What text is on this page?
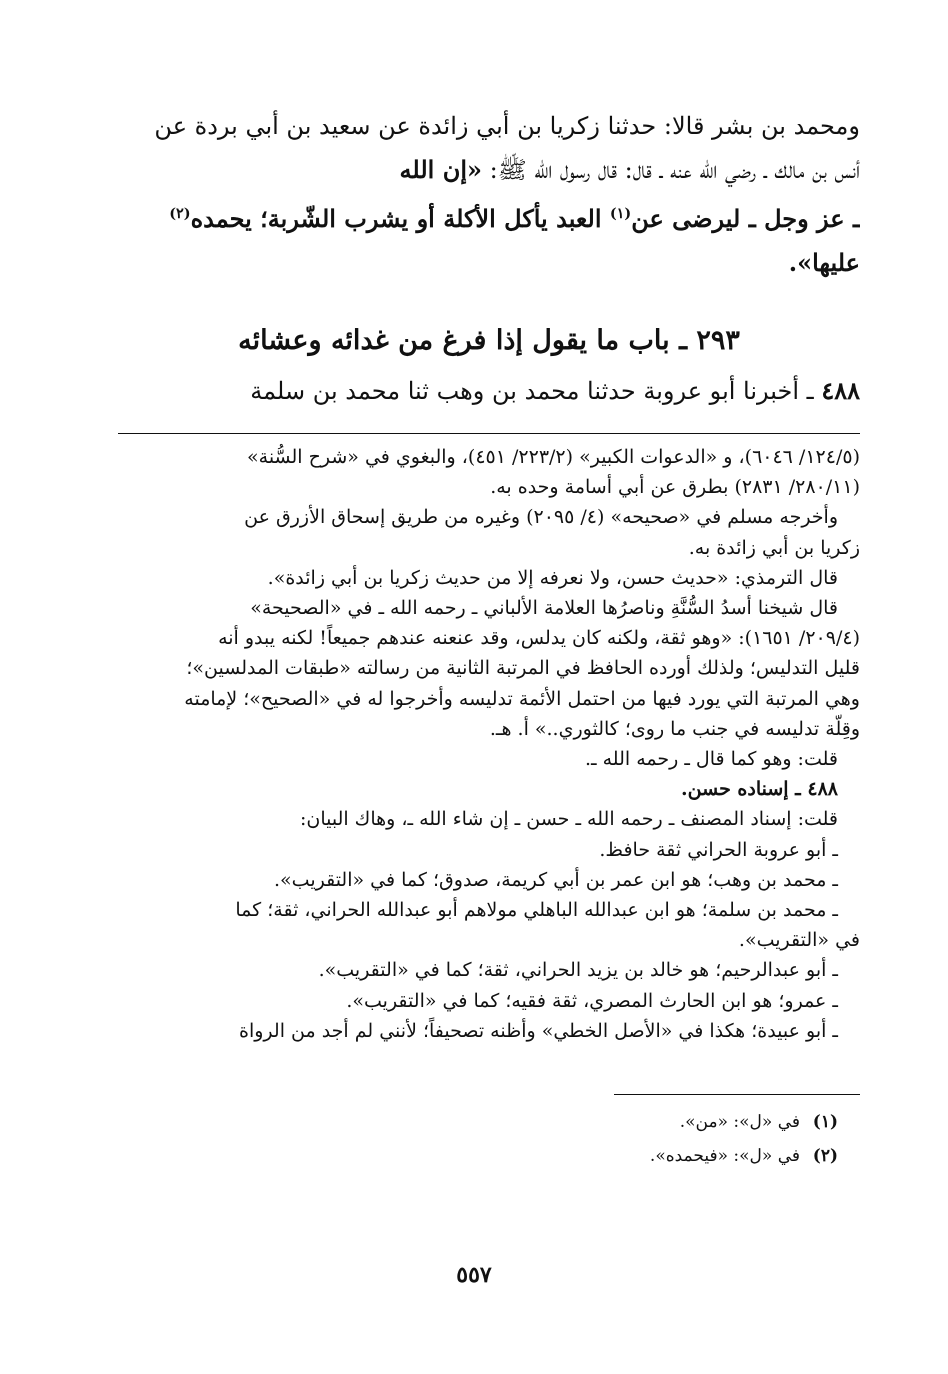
ومحمد بن بشر قالا: حدثنا زكريا بن أبي زائدة عن سعيد بن أبي بردة عن

أنس بن مالك ـ رضي الله عنه ـ قال: قال رسول الله ﷺ: «إن الله

ـ عز وجل ـ ليرضى عن$^{(١)}$ العبد يأكل الأكلة أو يشرب الشّربة؛ يحمده$^{(٢)}$

عليها».

٢٩٣ ـ باب ما يقول إذا فرغ من غدائه وعشائه

٤٨٨ ـ أخبرنا أبو عروبة حدثنا محمد بن وهب ثنا محمد بن سلمة

(١٢٤/٥/ ٦٠٤٦)، و «الدعوات الكبير» (٢٢٣/٢/ ٤٥١)، والبغوي في «شرح السُّنة»

(٢٨٠/١١/ ٢٨٣١) بطرق عن أبي أسامة وحده به.

وأخرجه مسلم في «صحيحه» (٤/ ٢٠٩٥) وغيره من طريق إسحاق الأزرق عن

زكريا بن أبي زائدة به.

قال الترمذي: «حديث حسن، ولا نعرفه إلا من حديث زكريا بن أبي زائدة».

قال شيخنا أسدُ السُّنَّةِ وناصرُها العلامة الألباني ـ رحمه الله ـ في «الصحيحة»

(٢٠٩/٤/ ١٦٥١): «وهو ثقة، ولكنه كان يدلس، وقد عنعنه عندهم جميعاً! لكنه يبدو أنه

قليل التدليس؛ ولذلك أورده الحافظ في المرتبة الثانية من رسالته «طبقات المدلسين»؛

وهي المرتبة التي يورد فيها من احتمل الأئمة تدليسه وأخرجوا له في «الصحيح»؛ لإمامته

وقِلّة تدليسه في جنب ما روى؛ كالثوري..» أ. هـ.

قلت: وهو كما قال ـ رحمه الله ـ.

٤٨٨ ـ إسناده حسن.

قلت: إسناد المصنف ـ رحمه الله ـ حسن ـ إن شاء الله ـ، وهاك البيان:

ـ أبو عروبة الحراني ثقة حافظ.

ـ محمد بن وهب؛ هو ابن عمر بن أبي كريمة، صدوق؛ كما في «التقريب».

ـ محمد بن سلمة؛ هو ابن عبدالله الباهلي مولاهم أبو عبدالله الحراني، ثقة؛ كما

في «التقريب».

ـ أبو عبدالرحيم؛ هو خالد بن يزيد الحراني، ثقة؛ كما في «التقريب».

ـ عمرو؛ هو ابن الحارث المصري، ثقة فقيه؛ كما في «التقريب».

ـ أبو عبيدة؛ هكذا في «الأصل الخطي» وأظنه تصحيفاً؛ لأنني لم أجد من الرواة

(١)في «ل»: «من».

(٢)في «ل»: «فيحمده».

٥٥٧
